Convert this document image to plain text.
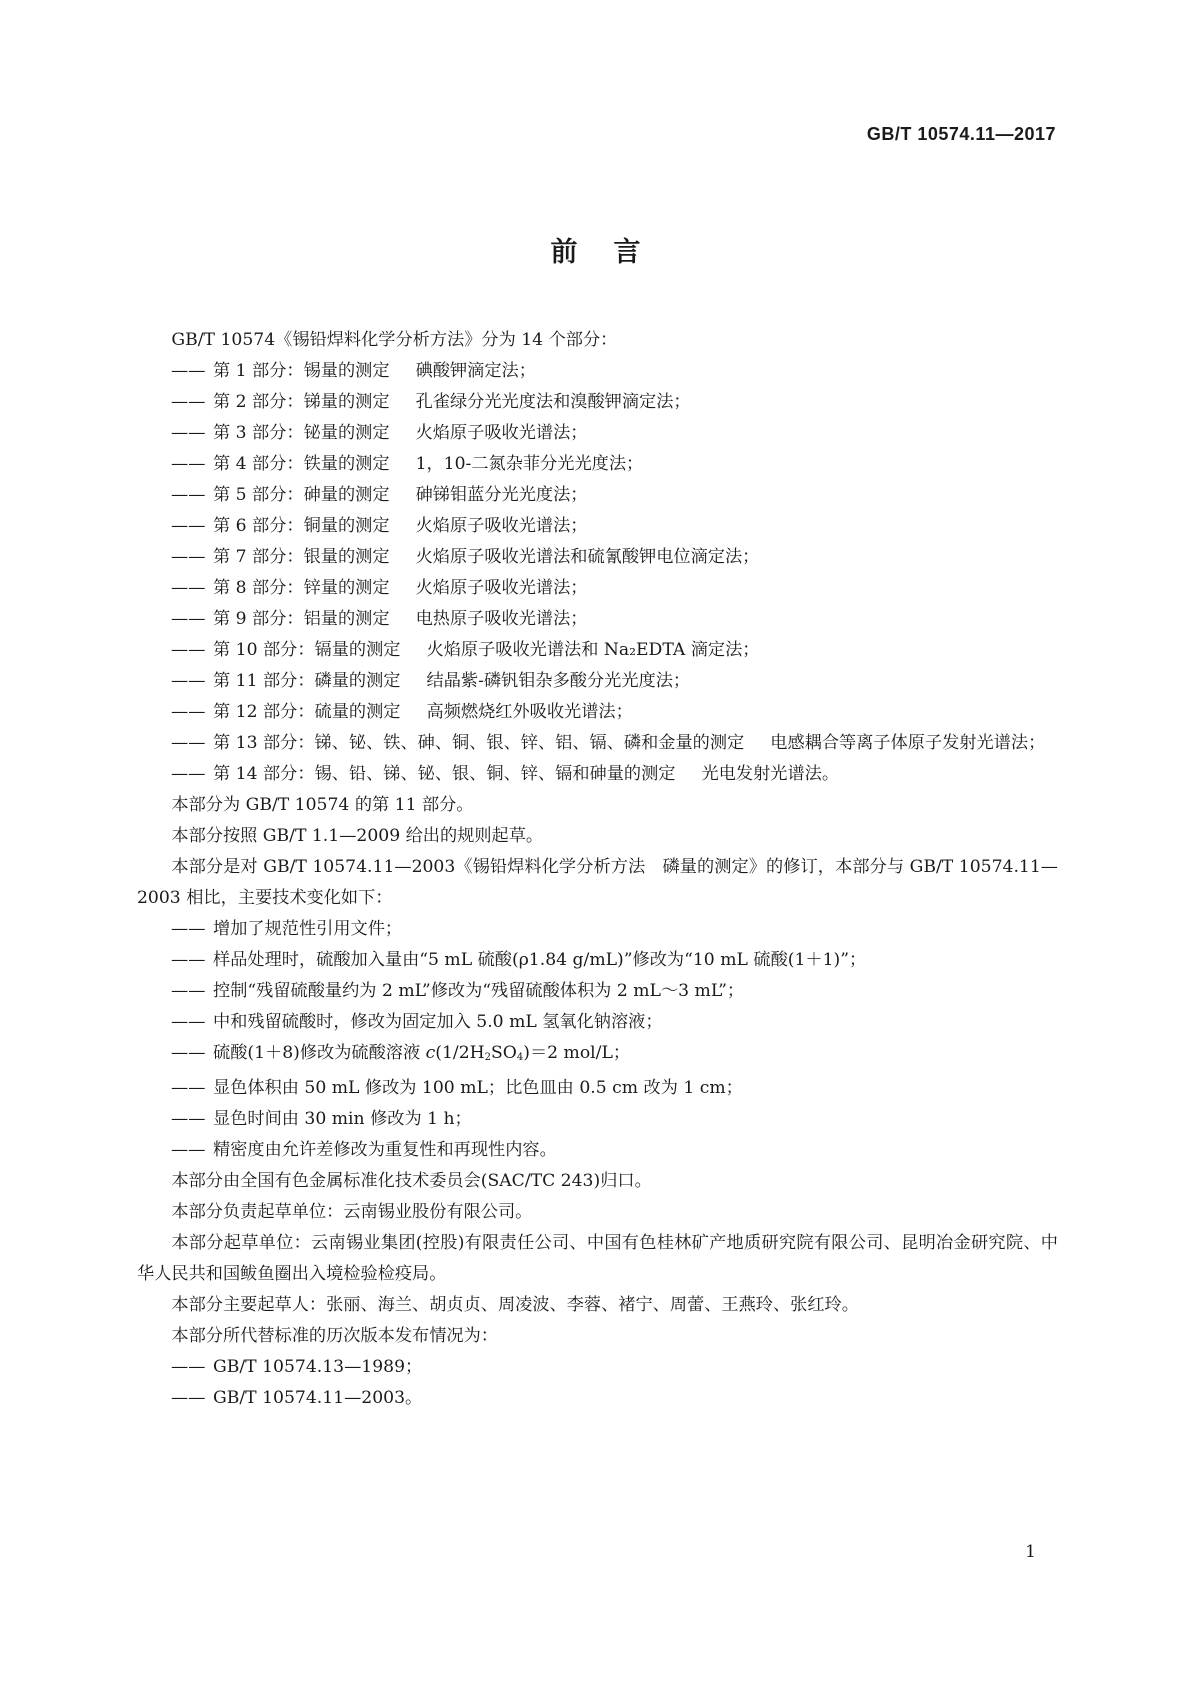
GB/T 10574.11—2017
前言

GB/T 10574《锡铅焊料化学分析方法》分为 14 个部分：

—— 第 1 部分：锡量的测定 碘酸钾滴定法；

—— 第 2 部分：锑量的测定 孔雀绿分光光度法和溴酸钾滴定法；

—— 第 3 部分：铋量的测定 火焰原子吸收光谱法；

—— 第 4 部分：铁量的测定 1，10-二氮杂菲分光光度法；

—— 第 5 部分：砷量的测定 砷锑钼蓝分光光度法；

—— 第 6 部分：铜量的测定 火焰原子吸收光谱法；

—— 第 7 部分：银量的测定 火焰原子吸收光谱法和硫氰酸钾电位滴定法；

—— 第 8 部分：锌量的测定 火焰原子吸收光谱法；

—— 第 9 部分：铝量的测定 电热原子吸收光谱法；

—— 第 10 部分：镉量的测定 火焰原子吸收光谱法和 Na₂EDTA 滴定法；

—— 第 11 部分：磷量的测定 结晶紫-磷钒钼杂多酸分光光度法；

—— 第 12 部分：硫量的测定 高频燃烧红外吸收光谱法；

—— 第 13 部分：锑、铋、铁、砷、铜、银、锌、铝、镉、磷和金量的测定 电感耦合等离子体原子发射光谱法；

—— 第 14 部分：锡、铅、锑、铋、银、铜、锌、镉和砷量的测定 光电发射光谱法。

本部分为 GB/T 10574 的第 11 部分。

本部分按照 GB/T 1.1—2009 给出的规则起草。

本部分是对 GB/T 10574.11—2003《锡铅焊料化学分析方法　磷量的测定》的修订，本部分与 GB/T 10574.11—2003 相比，主要技术变化如下：

—— 增加了规范性引用文件；

—— 样品处理时，硫酸加入量由“5 mL 硫酸(ρ1.84 g/mL)”修改为“10 mL 硫酸(1＋1)”；

—— 控制“残留硫酸量约为 2 mL”修改为“残留硫酸体积为 2 mL～3 mL”；

—— 中和残留硫酸时，修改为固定加入 5.0 mL 氢氧化钠溶液；

—— 硫酸(1＋8)修改为硫酸溶液 $c(1/2H_2SO_4)=2$ mol/L；

—— 显色体积由 50 mL 修改为 100 mL；比色皿由 0.5 cm 改为 1 cm；

—— 显色时间由 30 min 修改为 1 h；

—— 精密度由允许差修改为重复性和再现性内容。

本部分由全国有色金属标准化技术委员会(SAC/TC 243)归口。

本部分负责起草单位：云南锡业股份有限公司。

本部分起草单位：云南锡业集团(控股)有限责任公司、中国有色桂林矿产地质研究院有限公司、昆明冶金研究院、中华人民共和国鲅鱼圈出入境检验检疫局。

本部分主要起草人：张丽、海兰、胡贞贞、周凌波、李蓉、褚宁、周蕾、王燕玲、张红玲。

本部分所代替标准的历次版本发布情况为：

—— GB/T 10574.13—1989；

—— GB/T 10574.11—2003。

1
